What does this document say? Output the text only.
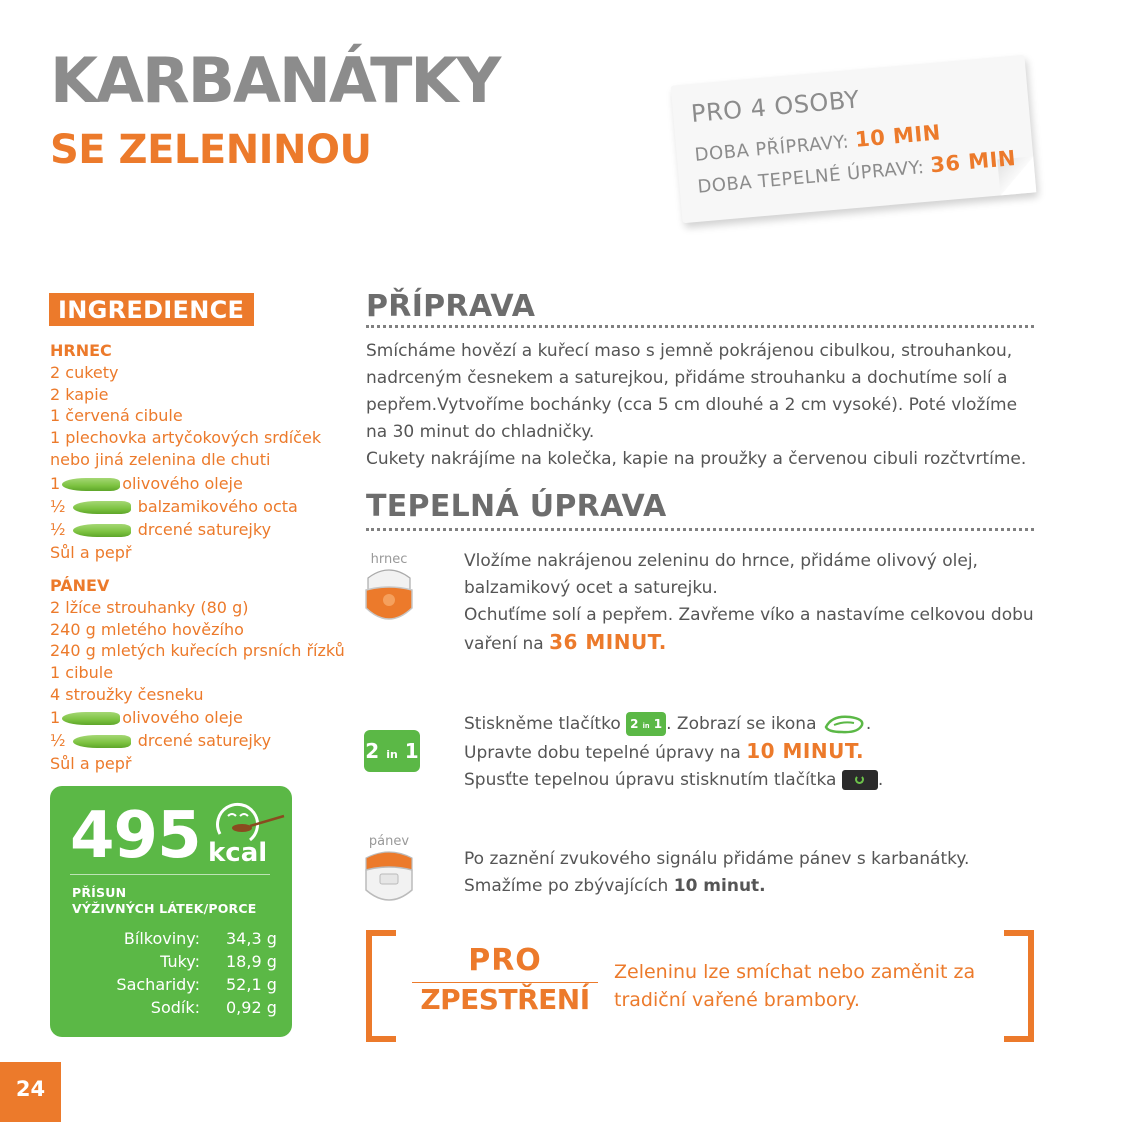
KARBANÁTKY
SE ZELENINOU
PRO 4 OSOBY
DOBA PŘÍPRAVY: 10 MIN
DOBA TEPELNÉ ÚPRAVY: 36 MIN
INGREDIENCE
HRNEC
2 cukety
2 kapie
1 červená cibule
1 plechovka artyčokových srdíček
nebo jiná zelenina dle chuti
1	olivového oleje
½	balzamikového octa
½	drcené saturejky
Sůl a pepř
PÁNEV
2 lžíce strouhanky (80 g)
240 g mletého hovězího
240 g mletých kuřecích prsních řízků
1 cibule
4 stroužky česneku
1	olivového oleje
½	drcené saturejky
Sůl a pepř
495 kcal
PŘÍSUN
VÝŽIVNÝCH LÁTEK/PORCE
Bílkoviny: 34,3 g
Tuky: 18,9 g
Sacharidy: 52,1 g
Sodík: 0,92 g
PŘÍPRAVA
Smícháme hovězí a kuřecí maso s jemně pokrájenou cibulkou, strouhankou,
nadrceným česnekem a saturejkou, přidáme strouhanku a dochutíme solí a
pepřem.Vytvoříme bochánky (cca 5 cm dlouhé a 2 cm vysoké). Poté vložíme
na 30 minut do chladničky.
Cukety nakrájíme na kolečka, kapie na proužky a červenou cibuli rozčtvrtíme.
TEPELNÁ ÚPRAVA
hrnec	Vložíme nakrájenou zeleninu do hrnce, přidáme olivový olej,
balzamikový ocet a saturejku.
Ochuťíme solí a pepřem. Zavřeme víko a nastavíme celkovou dobu
vaření na 36 MINUT.
2 in 1
Stiskněme tlačítko 2 in 1 . Zobrazí se ikona	.
Upravte dobu tepelné úpravy na 10 MINUT.
Spusťte tepelnou úpravu stisknutím tlačítka
.
pánev
Po zaznění zvukového signálu přidáme pánev s karbanátky.
Smažíme po zbývajících 10 minut.
PRO
ZPESTŘENÍ
Zeleninu lze smíchat nebo zaměnit za
tradiční vařené brambory.
24
